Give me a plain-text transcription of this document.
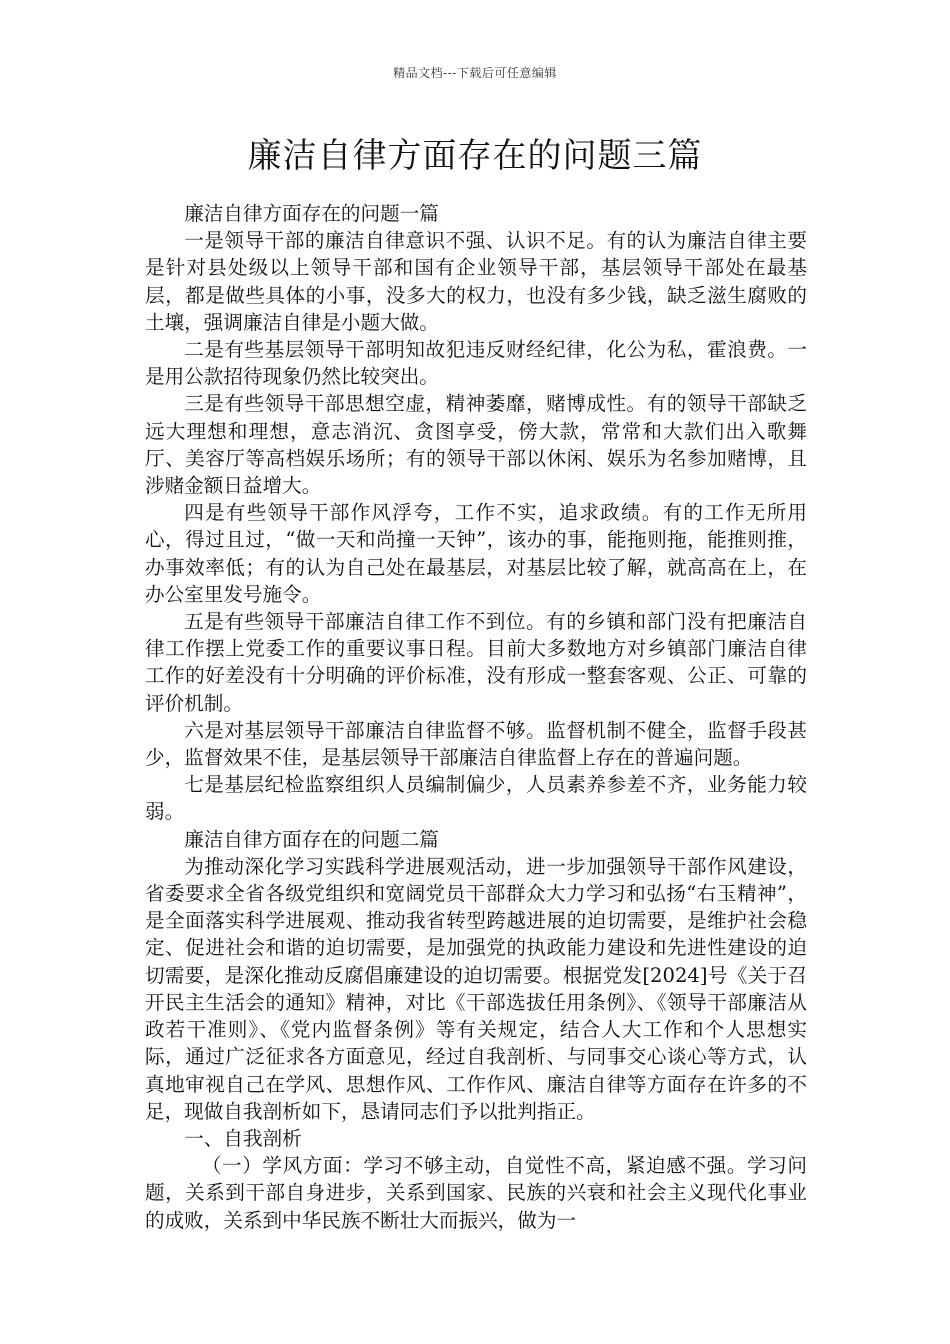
精品文档---下载后可任意编辑
廉洁自律方面存在的问题三篇

廉洁自律方面存在的问题一篇

一是领导干部的廉洁自律意识不强、认识不足。有的认为廉洁自律主要是针对县处级以上领导干部和国有企业领导干部，基层领导干部处在最基层，都是做些具体的小事，没多大的权力，也没有多少钱，缺乏滋生腐败的土壤，强调廉洁自律是小题大做。

二是有些基层领导干部明知故犯违反财经纪律，化公为私，霍浪费。一是用公款招待现象仍然比较突出。

三是有些领导干部思想空虚，精神萎靡，赌博成性。有的领导干部缺乏远大理想和理想，意志消沉、贪图享受，傍大款，常常和大款们出入歌舞厅、美容厅等高档娱乐场所；有的领导干部以休闲、娱乐为名参加赌博，且涉赌金额日益增大。

四是有些领导干部作风浮夸，工作不实，追求政绩。有的工作无所用心，得过且过，“做一天和尚撞一天钟”，该办的事，能拖则拖，能推则推，办事效率低；有的认为自己处在最基层，对基层比较了解，就高高在上，在办公室里发号施令。

五是有些领导干部廉洁自律工作不到位。有的乡镇和部门没有把廉洁自律工作摆上党委工作的重要议事日程。目前大多数地方对乡镇部门廉洁自律工作的好差没有十分明确的评价标准，没有形成一整套客观、公正、可靠的评价机制。

六是对基层领导干部廉洁自律监督不够。监督机制不健全，监督手段甚少，监督效果不佳，是基层领导干部廉洁自律监督上存在的普遍问题。

七是基层纪检监察组织人员编制偏少，人员素养参差不齐，业务能力较弱。

廉洁自律方面存在的问题二篇

为推动深化学习实践科学进展观活动，进一步加强领导干部作风建设，省委要求全省各级党组织和宽阔党员干部群众大力学习和弘扬“右玉精神”，是全面落实科学进展观、推动我省转型跨越进展的迫切需要，是维护社会稳定、促进社会和谐的迫切需要，是加强党的执政能力建设和先进性建设的迫切需要，是深化推动反腐倡廉建设的迫切需要。根据党发[2024]号《关于召开民主生活会的通知》精神，对比《干部选拔任用条例》、《领导干部廉洁从政若干准则》、《党内监督条例》等有关规定，结合人大工作和个人思想实际，通过广泛征求各方面意见，经过自我剖析、与同事交心谈心等方式，认真地审视自己在学风、思想作风、工作作风、廉洁自律等方面存在许多的不足，现做自我剖析如下，恳请同志们予以批判指正。

一、自我剖析

（一）学风方面：学习不够主动，自觉性不高，紧迫感不强。学习问题，关系到干部自身进步，关系到国家、民族的兴衰和社会主义现代化事业的成败，关系到中华民族不断壮大而振兴，做为一
